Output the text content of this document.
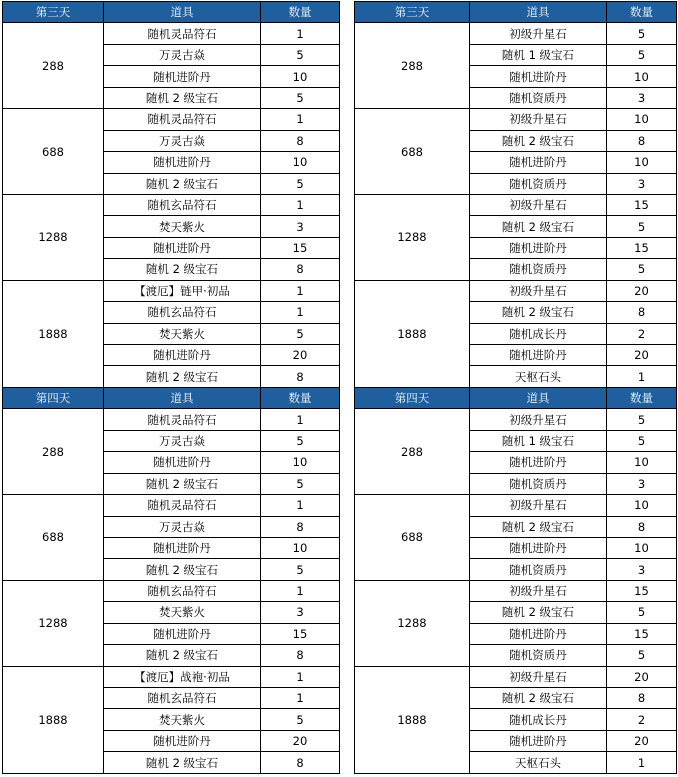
第三天	道具	数量
288	随机灵品符石	1
	万灵古焱	5
	随机进阶丹	10
	随机 2 级宝石	5
688	随机灵品符石	1
	万灵古焱	8
	随机进阶丹	10
	随机 2 级宝石	5
1288	随机玄品符石	1
	焚天紫火	3
	随机进阶丹	15
	随机 2 级宝石	8
1888	【渡厄】链甲·初品	1
	随机玄品符石	1
	焚天紫火	5
	随机进阶丹	20
	随机 2 级宝石	8
第四天	道具	数量
288	随机灵品符石	1
	万灵古焱	5
	随机进阶丹	10
	随机 2 级宝石	5
688	随机灵品符石	1
	万灵古焱	8
	随机进阶丹	10
	随机 2 级宝石	5
1288	随机玄品符石	1
	焚天紫火	3
	随机进阶丹	15
	随机 2 级宝石	8
1888	【渡厄】战袍·初品	1
	随机玄品符石	1
	焚天紫火	5
	随机进阶丹	20
	随机 2 级宝石	8
第三天	道具	数量
288	初级升星石	5
	随机 1 级宝石	5
	随机进阶丹	10
	随机资质丹	3
688	初级升星石	10
	随机 2 级宝石	8
	随机进阶丹	10
	随机资质丹	3
1288	初级升星石	15
	随机 2 级宝石	5
	随机进阶丹	15
	随机资质丹	5
1888	初级升星石	20
	随机 2 级宝石	8
	随机成长丹	2
	随机进阶丹	20
	天枢石头	1
第四天	道具	数量
288	初级升星石	5
	随机 1 级宝石	5
	随机进阶丹	10
	随机资质丹	3
688	初级升星石	10
	随机 2 级宝石	8
	随机进阶丹	10
	随机资质丹	3
1288	初级升星石	15
	随机 2 级宝石	5
	随机进阶丹	15
	随机资质丹	5
1888	初级升星石	20
	随机 2 级宝石	8
	随机成长丹	2
	随机进阶丹	20
	天枢石头	1
